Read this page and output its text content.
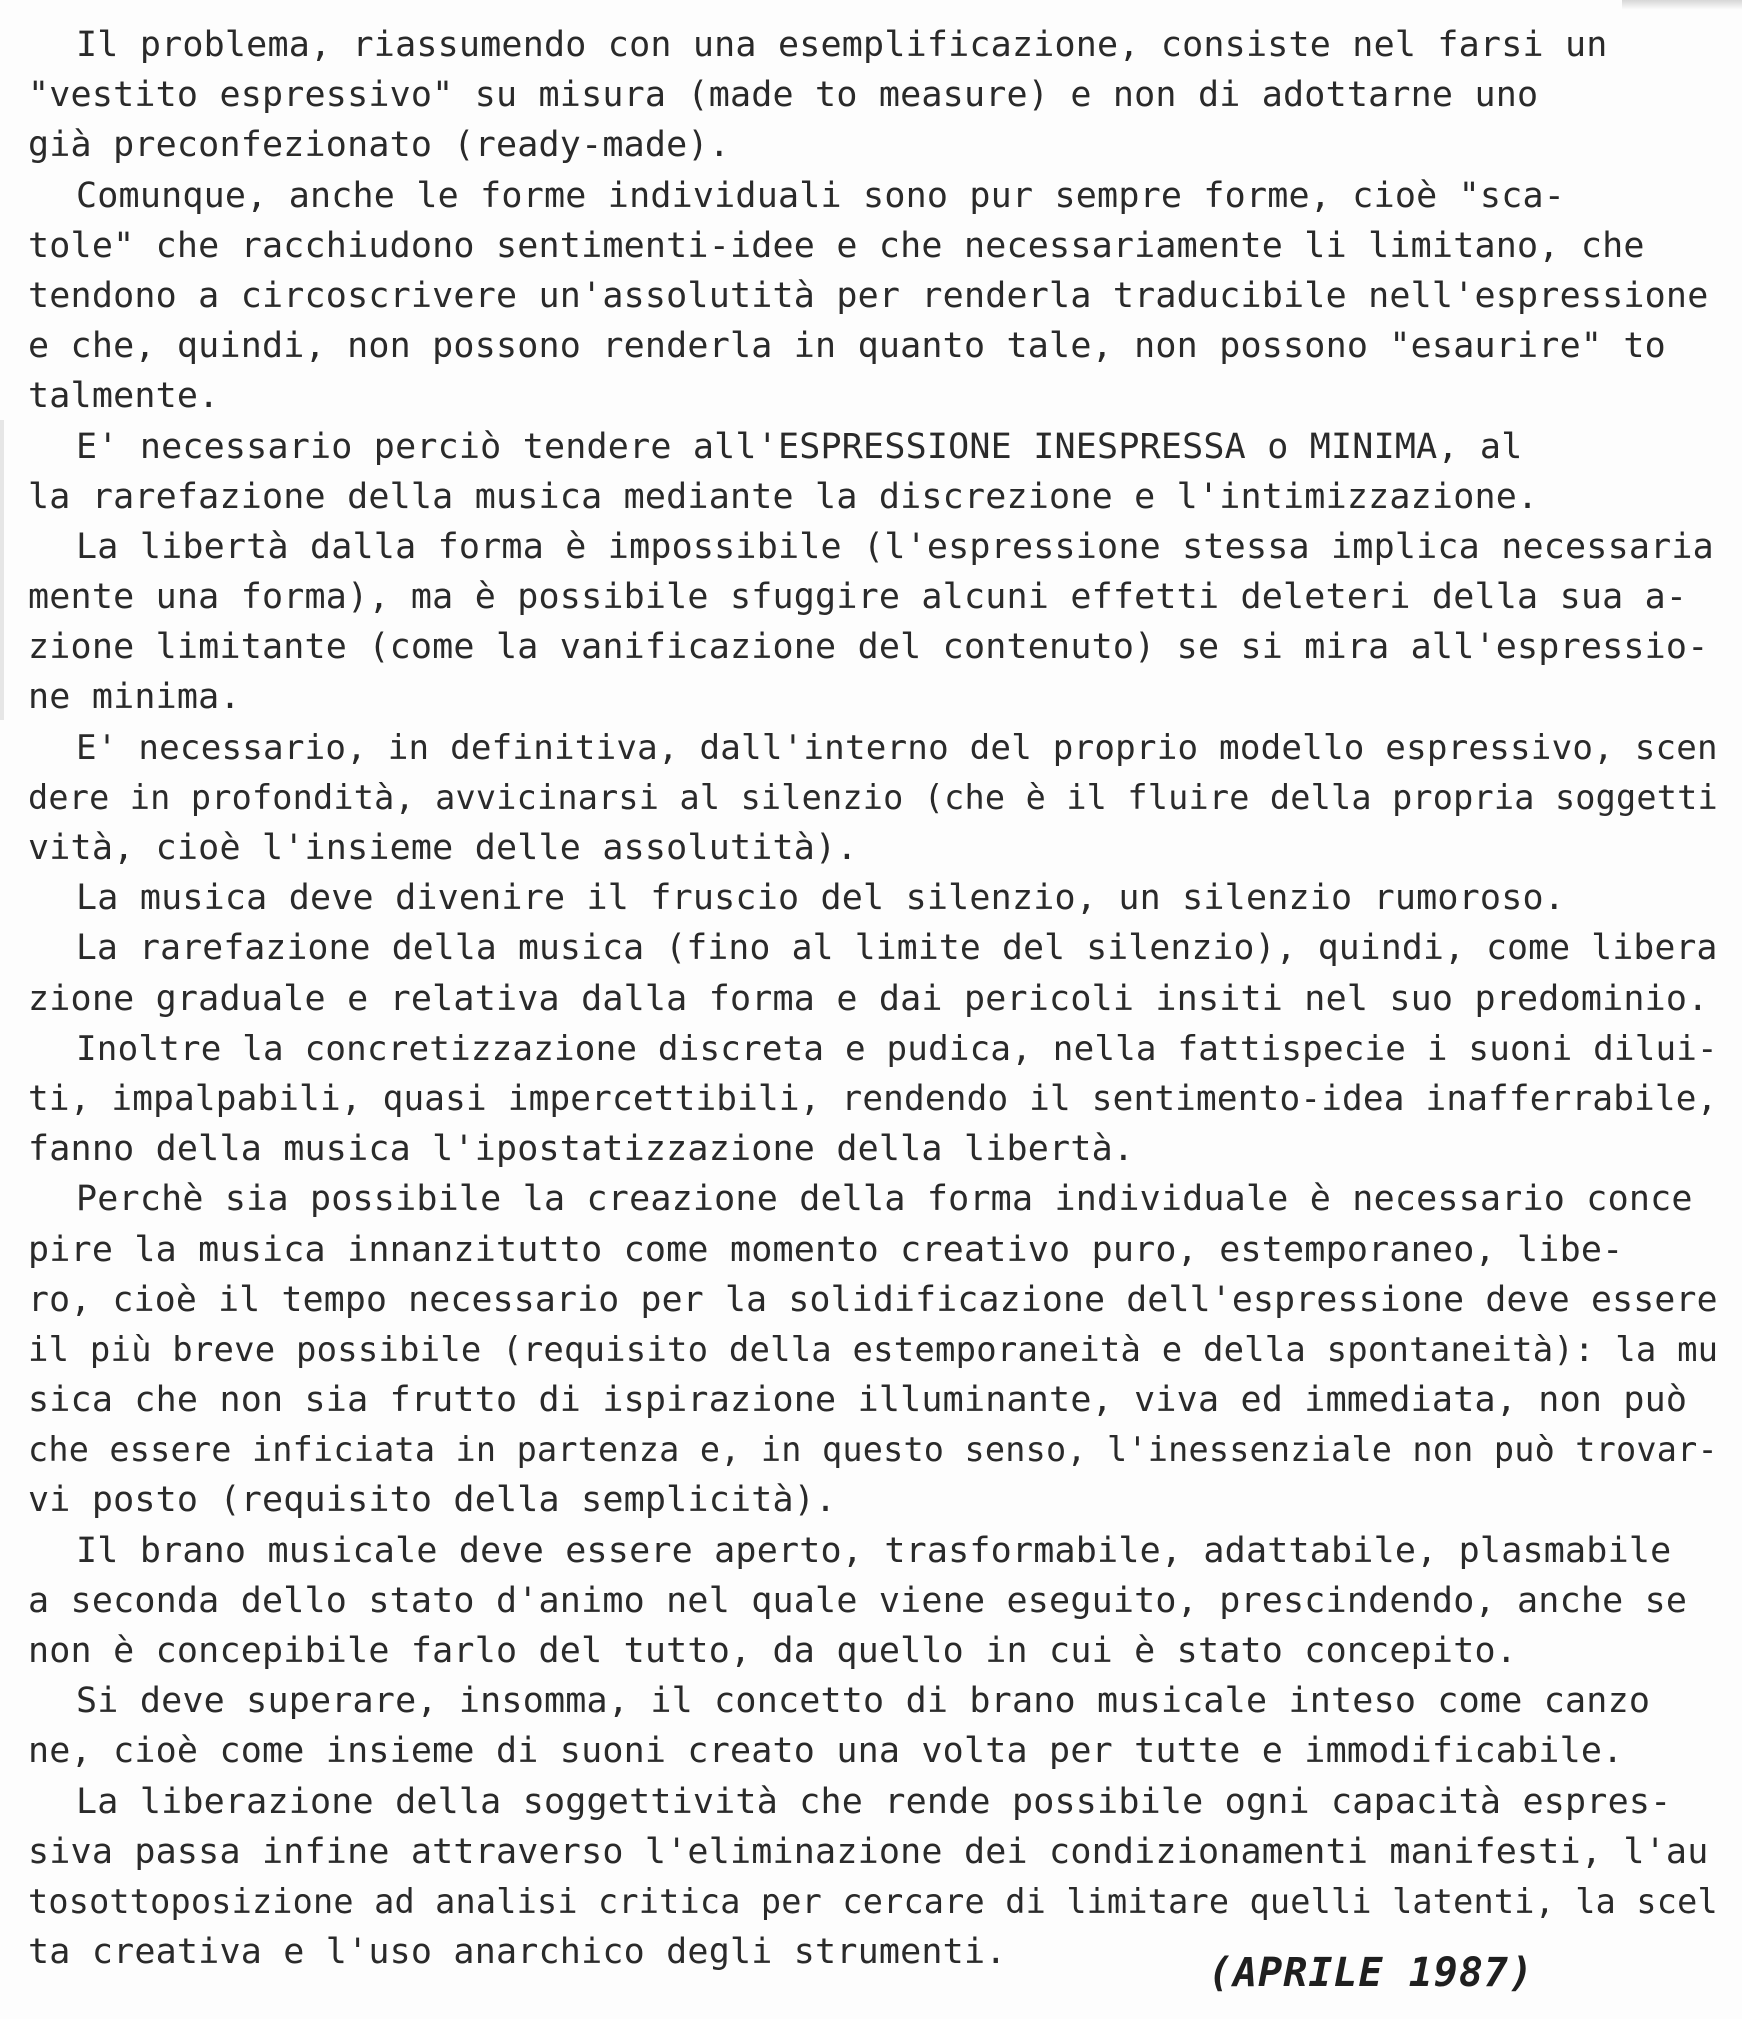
Il problema, riassumendo con una esemplificazione, consiste nel farsi un
"vestito espressivo" su misura (made to measure) e non di adottarne uno
già preconfezionato (ready-made).
Comunque, anche le forme individuali sono pur sempre forme, cioè "sca-
tole" che racchiudono sentimenti-idee e che necessariamente li limitano, che
tendono a circoscrivere un'assolutità per renderla traducibile nell'espressione
e che, quindi, non possono renderla in quanto tale, non possono "esaurire" to
talmente.
E' necessario perciò tendere all'ESPRESSIONE INESPRESSA o MINIMA, al
la rarefazione della musica mediante la discrezione e l'intimizzazione.
La libertà dalla forma è impossibile (l'espressione stessa implica necessaria
mente una forma), ma è possibile sfuggire alcuni effetti deleteri della sua a-
zione limitante (come la vanificazione del contenuto) se si mira all'espressio-
ne minima.
E' necessario, in definitiva, dall'interno del proprio modello espressivo, scen
dere in profondità, avvicinarsi al silenzio (che è il fluire della propria soggetti
vità, cioè l'insieme delle assolutità).
La musica deve divenire il fruscio del silenzio, un silenzio rumoroso.
La rarefazione della musica (fino al limite del silenzio), quindi, come libera
zione graduale e relativa dalla forma e dai pericoli insiti nel suo predominio.
Inoltre la concretizzazione discreta e pudica, nella fattispecie i suoni dilui-
ti, impalpabili, quasi impercettibili, rendendo il sentimento-idea inafferrabile,
fanno della musica l'ipostatizzazione della libertà.
Perchè sia possibile la creazione della forma individuale è necessario conce
pire la musica innanzitutto come momento creativo puro, estemporaneo, libe-
ro, cioè il tempo necessario per la solidificazione dell'espressione deve essere
il più breve possibile (requisito della estemporaneità e della spontaneità): la mu
sica che non sia frutto di ispirazione illuminante, viva ed immediata, non può
che essere inficiata in partenza e, in questo senso, l'inessenziale non può trovar-
vi posto (requisito della semplicità).
Il brano musicale deve essere aperto, trasformabile, adattabile, plasmabile
a seconda dello stato d'animo nel quale viene eseguito, prescindendo, anche se
non è concepibile farlo del tutto, da quello in cui è stato concepito.
Si deve superare, insomma, il concetto di brano musicale inteso come canzo
ne, cioè come insieme di suoni creato una volta per tutte e immodificabile.
La liberazione della soggettività che rende possibile ogni capacità espres-
siva passa infine attraverso l'eliminazione dei condizionamenti manifesti, l'au
tosottoposizione ad analisi critica per cercare di limitare quelli latenti, la scel
ta creativa e l'uso anarchico degli strumenti.	(APRILE 1987)
